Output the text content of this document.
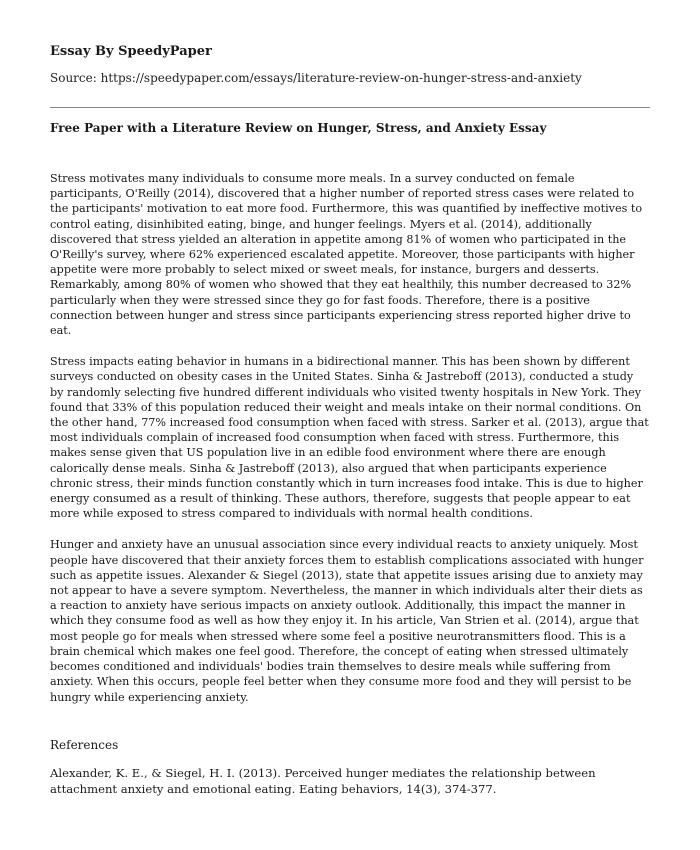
Essay By SpeedyPaper
Source: https://speedypaper.com/essays/literature-review-on-hunger-stress-and-anxiety
Free Paper with a Literature Review on Hunger, Stress, and Anxiety Essay

Stress motivates many individuals to consume more meals. In a survey conducted on female participants, O'Reilly (2014), discovered that a higher number of reported stress cases were related to the participants' motivation to eat more food. Furthermore, this was quantified by ineffective motives to control eating, disinhibited eating, binge, and hunger feelings. Myers et al. (2014), additionally discovered that stress yielded an alteration in appetite among 81% of women who participated in the O'Reilly's survey, where 62% experienced escalated appetite. Moreover, those participants with higher appetite were more probably to select mixed or sweet meals, for instance, burgers and desserts. Remarkably, among 80% of women who showed that they eat healthily, this number decreased to 32% particularly when they were stressed since they go for fast foods. Therefore, there is a positive connection between hunger and stress since participants experiencing stress reported higher drive to eat.

Stress impacts eating behavior in humans in a bidirectional manner. This has been shown by different surveys conducted on obesity cases in the United States. Sinha & Jastreboff (2013), conducted a study by randomly selecting five hundred different individuals who visited twenty hospitals in New York. They found that 33% of this population reduced their weight and meals intake on their normal conditions. On the other hand, 77% increased food consumption when faced with stress. Sarker et al. (2013), argue that most individuals complain of increased food consumption when faced with stress. Furthermore, this makes sense given that US population live in an edible food environment where there are enough calorically dense meals. Sinha & Jastreboff (2013), also argued that when participants experience chronic stress, their minds function constantly which in turn increases food intake. This is due to higher energy consumed as a result of thinking. These authors, therefore, suggests that people appear to eat more while exposed to stress compared to individuals with normal health conditions.

Hunger and anxiety have an unusual association since every individual reacts to anxiety uniquely. Most people have discovered that their anxiety forces them to establish complications associated with hunger such as appetite issues. Alexander & Siegel (2013), state that appetite issues arising due to anxiety may not appear to have a severe symptom. Nevertheless, the manner in which individuals alter their diets as a reaction to anxiety have serious impacts on anxiety outlook. Additionally, this impact the manner in which they consume food as well as how they enjoy it. In his article, Van Strien et al. (2014), argue that most people go for meals when stressed where some feel a positive neurotransmitters flood. This is a brain chemical which makes one feel good. Therefore, the concept of eating when stressed ultimately becomes conditioned and individuals' bodies train themselves to desire meals while suffering from anxiety. When this occurs, people feel better when they consume more food and they will persist to be hungry while experiencing anxiety.

References
Alexander, K. E., & Siegel, H. I. (2013). Perceived hunger mediates the relationship between attachment anxiety and emotional eating. Eating behaviors, 14(3), 374-377.
